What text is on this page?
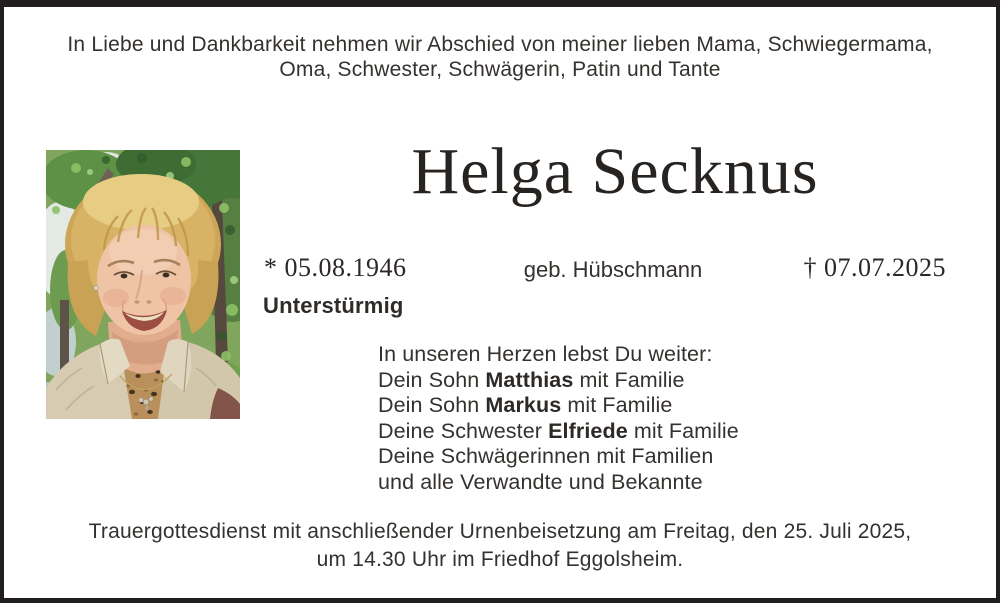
In Liebe und Dankbarkeit nehmen wir Abschied von meiner lieben Mama, Schwiegermama,
Oma, Schwester, Schwägerin, Patin und Tante
Helga Secknus
* 05.08.1946	geb. Hübschmann	† 07.07.2025
Unterstürmig
In unseren Herzen lebst Du weiter:
Dein Sohn Matthias mit Familie
Dein Sohn Markus mit Familie
Deine Schwester Elfriede mit Familie
Deine Schwägerinnen mit Familien
und alle Verwandte und Bekannte
Trauergottesdienst mit anschließender Urnenbeisetzung am Freitag, den 25. Juli 2025,
um 14.30 Uhr im Friedhof Eggolsheim.
